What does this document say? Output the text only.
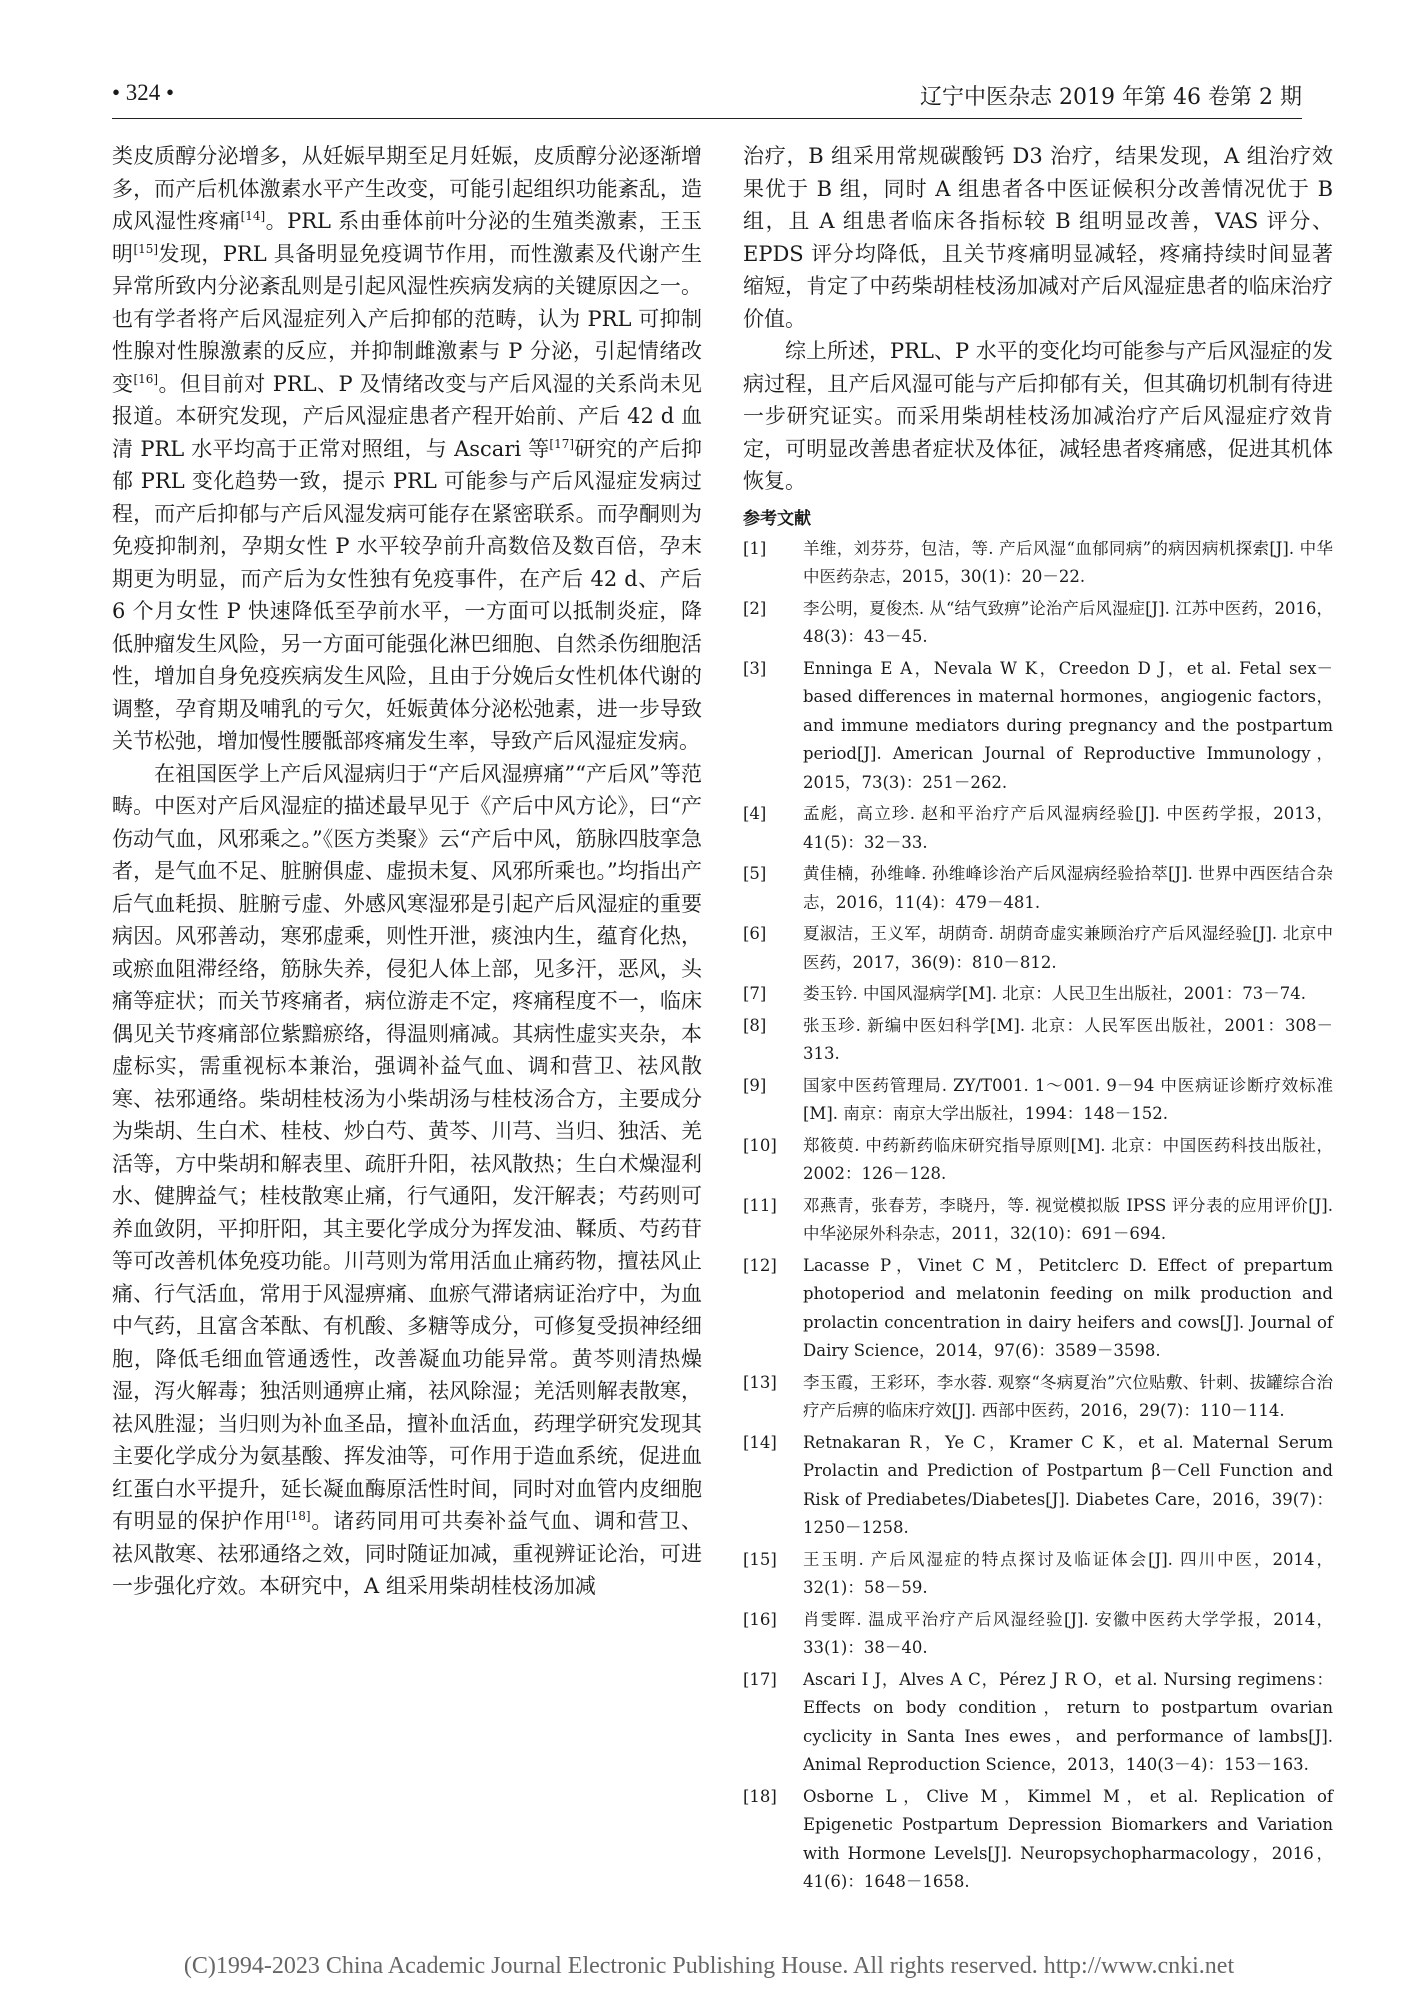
• 324 •	辽宁中医杂志 2019 年第 46 卷第 2 期

类皮质醇分泌增多，从妊娠早期至足月妊娠，皮质醇分泌逐渐增多，而产后机体激素水平产生改变，可能引起组织功能紊乱，造成风湿性疼痛[14]。PRL 系由垂体前叶分泌的生殖类激素，王玉明[15]发现，PRL 具备明显免疫调节作用，而性激素及代谢产生异常所致内分泌紊乱则是引起风湿性疾病发病的关键原因之一。也有学者将产后风湿症列入产后抑郁的范畴，认为 PRL 可抑制性腺对性腺激素的反应，并抑制雌激素与 P 分泌，引起情绪改变[16]。但目前对 PRL、P 及情绪改变与产后风湿的关系尚未见报道。本研究发现，产后风湿症患者产程开始前、产后 42 d 血清 PRL 水平均高于正常对照组，与 Ascari 等[17]研究的产后抑郁 PRL 变化趋势一致，提示 PRL 可能参与产后风湿症发病过程，而产后抑郁与产后风湿发病可能存在紧密联系。而孕酮则为免疫抑制剂，孕期女性 P 水平较孕前升高数倍及数百倍，孕末期更为明显，而产后为女性独有免疫事件，在产后 42 d、产后 6 个月女性 P 快速降低至孕前水平，一方面可以抵制炎症，降低肿瘤发生风险，另一方面可能强化淋巴细胞、自然杀伤细胞活性，增加自身免疫疾病发生风险，且由于分娩后女性机体代谢的调整，孕育期及哺乳的亏欠，妊娠黄体分泌松弛素，进一步导致关节松弛，增加慢性腰骶部疼痛发生率，导致产后风湿症发病。

在祖国医学上产后风湿病归于“产后风湿痹痛”“产后风”等范畴。中医对产后风湿症的描述最早见于《产后中风方论》，曰“产伤动气血，风邪乘之。”《医方类聚》云“产后中风，筋脉四肢挛急者，是气血不足、脏腑俱虚、虚损未复、风邪所乘也。”均指出产后气血耗损、脏腑亏虚、外感风寒湿邪是引起产后风湿症的重要病因。风邪善动，寒邪虚乘，则性开泄，痰浊内生，蕴育化热，或瘀血阻滞经络，筋脉失养，侵犯人体上部，见多汗，恶风，头痛等症状；而关节疼痛者，病位游走不定，疼痛程度不一，临床偶见关节疼痛部位紫黯瘀络，得温则痛减。其病性虚实夹杂，本虚标实，需重视标本兼治，强调补益气血、调和营卫、祛风散寒、祛邪通络。柴胡桂枝汤为小柴胡汤与桂枝汤合方，主要成分为柴胡、生白术、桂枝、炒白芍、黄芩、川芎、当归、独活、羌活等，方中柴胡和解表里、疏肝升阳，祛风散热；生白术燥湿利水、健脾益气；桂枝散寒止痛，行气通阳，发汗解表；芍药则可养血敛阴，平抑肝阳，其主要化学成分为挥发油、鞣质、芍药苷等可改善机体免疫功能。川芎则为常用活血止痛药物，擅祛风止痛、行气活血，常用于风湿痹痛、血瘀气滞诸病证治疗中，为血中气药，且富含苯酞、有机酸、多糖等成分，可修复受损神经细胞，降低毛细血管通透性，改善凝血功能异常。黄芩则清热燥湿，泻火解毒；独活则通痹止痛，祛风除湿；羌活则解表散寒，祛风胜湿；当归则为补血圣品，擅补血活血，药理学研究发现其主要化学成分为氨基酸、挥发油等，可作用于造血系统，促进血红蛋白水平提升，延长凝血酶原活性时间，同时对血管内皮细胞有明显的保护作用[18]。诸药同用可共奏补益气血、调和营卫、祛风散寒、祛邪通络之效，同时随证加减，重视辨证论治，可进一步强化疗效。本研究中，A 组采用柴胡桂枝汤加减

治疗，B 组采用常规碳酸钙 D3 治疗，结果发现，A 组治疗效果优于 B 组，同时 A 组患者各中医证候积分改善情况优于 B 组，且 A 组患者临床各指标较 B 组明显改善，VAS 评分、EPDS 评分均降低，且关节疼痛明显减轻，疼痛持续时间显著缩短，肯定了中药柴胡桂枝汤加减对产后风湿症患者的临床治疗价值。

综上所述，PRL、P 水平的变化均可能参与产后风湿症的发病过程，且产后风湿可能与产后抑郁有关，但其确切机制有待进一步研究证实。而采用柴胡桂枝汤加减治疗产后风湿症疗效肯定，可明显改善患者症状及体征，减轻患者疼痛感，促进其机体恢复。

参考文献
[1]	羊维，刘芬芬，包洁，等. 产后风湿“血郁同病”的病因病机探索[J]. 中华中医药杂志，2015，30(1)：20－22.
[2]	李公明，夏俊杰. 从“结气致痹”论治产后风湿症[J]. 江苏中医药，2016，48(3)：43－45.
[3]	Enninga E A，Nevala W K，Creedon D J，et al. Fetal sex－based differences in maternal hormones，angiogenic factors，and immune mediators during pregnancy and the postpartum period[J]. American Journal of Reproductive Immunology，2015，73(3)：251－262.
[4]	孟彪，高立珍. 赵和平治疗产后风湿病经验[J]. 中医药学报，2013，41(5)：32－33.
[5]	黄佳楠，孙维峰. 孙维峰诊治产后风湿病经验拾萃[J]. 世界中西医结合杂志，2016，11(4)：479－481.
[6]	夏淑洁，王义军，胡荫奇. 胡荫奇虚实兼顾治疗产后风湿经验[J]. 北京中医药，2017，36(9)：810－812.
[7]	娄玉钤. 中国风湿病学[M]. 北京：人民卫生出版社，2001：73－74.
[8]	张玉珍. 新编中医妇科学[M]. 北京：人民军医出版社，2001：308－313.
[9]	国家中医药管理局. ZY/T001. 1～001. 9－94 中医病证诊断疗效标准[M]. 南京：南京大学出版社，1994：148－152.
[10]	郑筱萸. 中药新药临床研究指导原则[M]. 北京：中国医药科技出版社，2002：126－128.
[11]	邓燕青，张春芳，李晓丹，等. 视觉模拟版 IPSS 评分表的应用评价[J]. 中华泌尿外科杂志，2011，32(10)：691－694.
[12]	Lacasse P，Vinet C M，Petitclerc D. Effect of prepartum photoperiod and melatonin feeding on milk production and prolactin concentration in dairy heifers and cows[J]. Journal of Dairy Science，2014，97(6)：3589－3598.
[13]	李玉霞，王彩环，李水蓉. 观察“冬病夏治”穴位贴敷、针刺、拔罐综合治疗产后痹的临床疗效[J]. 西部中医药，2016，29(7)：110－114.
[14]	Retnakaran R，Ye C，Kramer C K，et al. Maternal Serum Prolactin and Prediction of Postpartum β－Cell Function and Risk of Prediabetes/Diabetes[J]. Diabetes Care，2016，39(7)：1250－1258.
[15]	王玉明. 产后风湿症的特点探讨及临证体会[J]. 四川中医，2014，32(1)：58－59.
[16]	肖雯晖. 温成平治疗产后风湿经验[J]. 安徽中医药大学学报，2014，33(1)：38－40.
[17]	Ascari I J，Alves A C，Pérez J R O，et al. Nursing regimens：Effects on body condition，return to postpartum ovarian cyclicity in Santa Ines ewes，and performance of lambs[J]. Animal Reproduction Science，2013，140(3－4)：153－163.
[18]	Osborne L，Clive M，Kimmel M，et al. Replication of Epigenetic Postpartum Depression Biomarkers and Variation with Hormone Levels[J]. Neuropsychopharmacology，2016，41(6)：1648－1658.
(C)1994-2023 China Academic Journal Electronic Publishing House. All rights reserved. http://www.cnki.net
